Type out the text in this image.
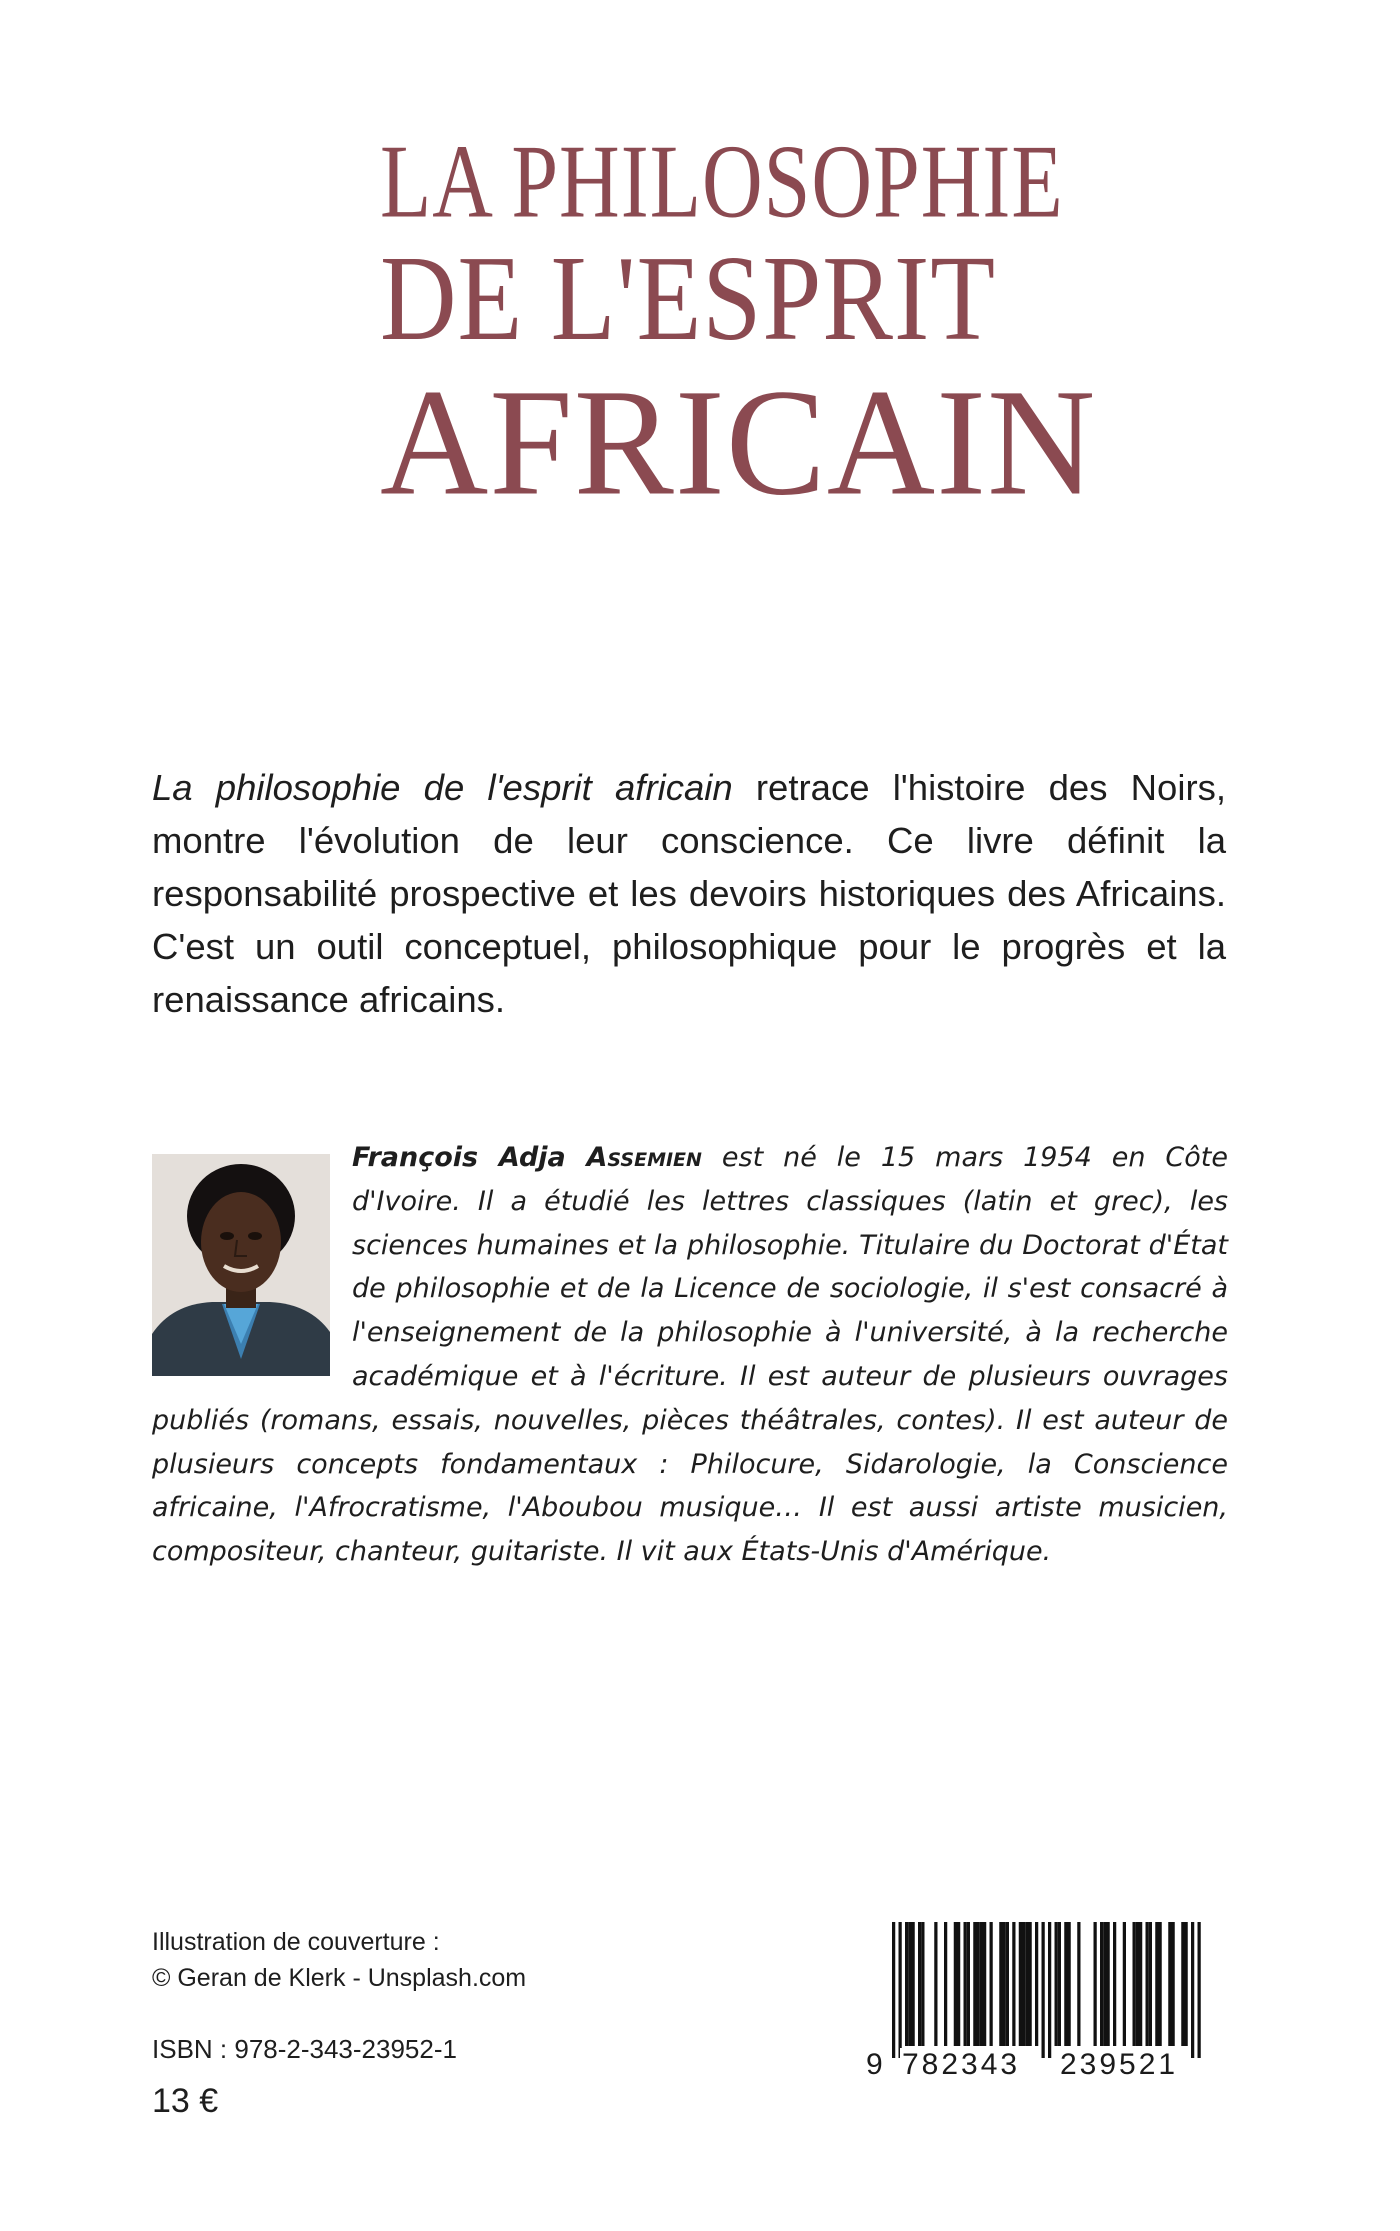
LA PHILOSOPHIE
DE L'ESPRIT
AFRICAIN

La philosophie de l'esprit africain retrace l'histoire des Noirs, montre l'évolution de leur conscience. Ce livre définit la responsabilité prospective et les devoirs historiques des Africains. C'est un outil conceptuel, philosophique pour le progrès et la renaissance africains.

François Adja Assemien est né le 15 mars 1954 en Côte d'Ivoire. Il a étudié les lettres classiques (latin et grec), les sciences humaines et la philosophie. Titulaire du Doctorat d'État de philosophie et de la Licence de sociologie, il s'est consacré à l'enseignement de la philosophie à l'université, à la recherche académique et à l'écriture. Il est auteur de plusieurs ouvrages publiés (romans, essais, nouvelles, pièces théâtrales, contes). Il est auteur de plusieurs concepts fondamentaux : Philocure, Sidarologie, la Conscience africaine, l'Afrocratisme, l'Aboubou musique… Il est aussi artiste musicien, compositeur, chanteur, guitariste. Il vit aux États-Unis d'Amérique.

Illustration de couverture :
© Geran de Klerk - Unsplash.com
ISBN : 978-2-343-23952-1
13 €
9 782343 239521
